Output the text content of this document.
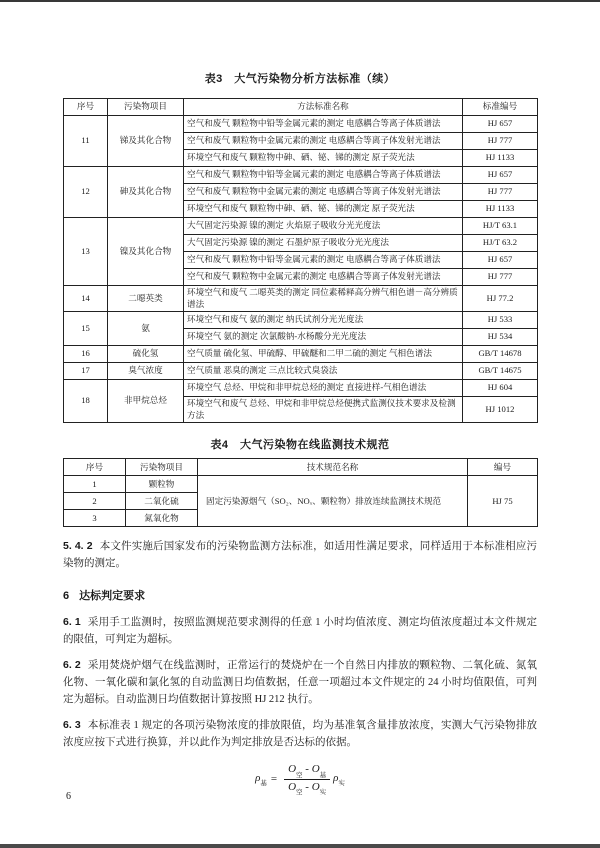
表3　大气污染物分析方法标准（续）
序号	污染物项目	方法标准名称	标准编号
11	锑及其化合物	空气和废气 颗粒物中铅等金属元素的测定 电感耦合等离子体质谱法	HJ 657
		空气和废气 颗粒物中金属元素的测定 电感耦合等离子体发射光谱法	HJ 777
		环境空气和废气 颗粒物中砷、硒、铋、锑的测定 原子荧光法	HJ 1133
12	砷及其化合物	空气和废气 颗粒物中铅等金属元素的测定 电感耦合等离子体质谱法	HJ 657
		空气和废气 颗粒物中金属元素的测定 电感耦合等离子体发射光谱法	HJ 777
		环境空气和废气 颗粒物中砷、硒、铋、锑的测定 原子荧光法	HJ 1133
13	镍及其化合物	大气固定污染源 镍的测定 火焰原子吸收分光光度法	HJ/T 63.1
		大气固定污染源 镍的测定 石墨炉原子吸收分光光度法	HJ/T 63.2
		空气和废气 颗粒物中铅等金属元素的测定 电感耦合等离子体质谱法	HJ 657
		空气和废气 颗粒物中金属元素的测定 电感耦合等离子体发射光谱法	HJ 777
14	二噁英类	环境空气和废气 二噁英类的测定 同位素稀释高分辨气相色谱－高分辨质谱法	HJ 77.2
15	氨	环境空气和废气 氨的测定 纳氏试剂分光光度法	HJ 533
		环境空气 氨的测定 次氯酸钠-水杨酸分光光度法	HJ 534
16	硫化氢	空气质量 硫化氢、甲硫醇、甲硫醚和二甲二硫的测定 气相色谱法	GB/T 14678
17	臭气浓度	空气质量 恶臭的测定 三点比较式臭袋法	GB/T 14675
18	非甲烷总烃	环境空气 总烃、甲烷和非甲烷总烃的测定 直接进样-气相色谱法	HJ 604
		环境空气和废气 总烃、甲烷和非甲烷总烃便携式监测仪技术要求及检测方法	HJ 1012
表4　大气污染物在线监测技术规范
序号	污染物项目	技术规范名称	编号
1	颗粒物	固定污染源烟气（SO₂、NOₓ、颗粒物）排放连续监测技术规范	HJ 75
2	二氧化硫		
3	氮氧化物		

5. 4. 2 本文件实施后国家发布的污染物监测方法标准，如适用性满足要求，同样适用于本标准相应污染物的测定。

6 达标判定要求

6. 1 采用手工监测时，按照监测规范要求测得的任意 1 小时均值浓度、测定均值浓度超过本文件规定的限值，可判定为超标。

6. 2 采用焚烧炉烟气在线监测时，正常运行的焚烧炉在一个自然日内排放的颗粒物、二氧化硫、氮氧化物、一氧化碳和氯化氢的自动监测日均值数据，任意一项超过本文件规定的 24 小时均值限值，可判定为超标。自动监测日均值数据计算按照 HJ 212 执行。

6. 3 本标准表 1 规定的各项污染物浓度的排放限值，均为基准氧含量排放浓度，实测大气污染物排放浓度应按下式进行换算，并以此作为判定排放是否达标的依据。

$\rho_基 = \frac{O_空 - O_基}{O_空 - O_实} \rho_实$
6
